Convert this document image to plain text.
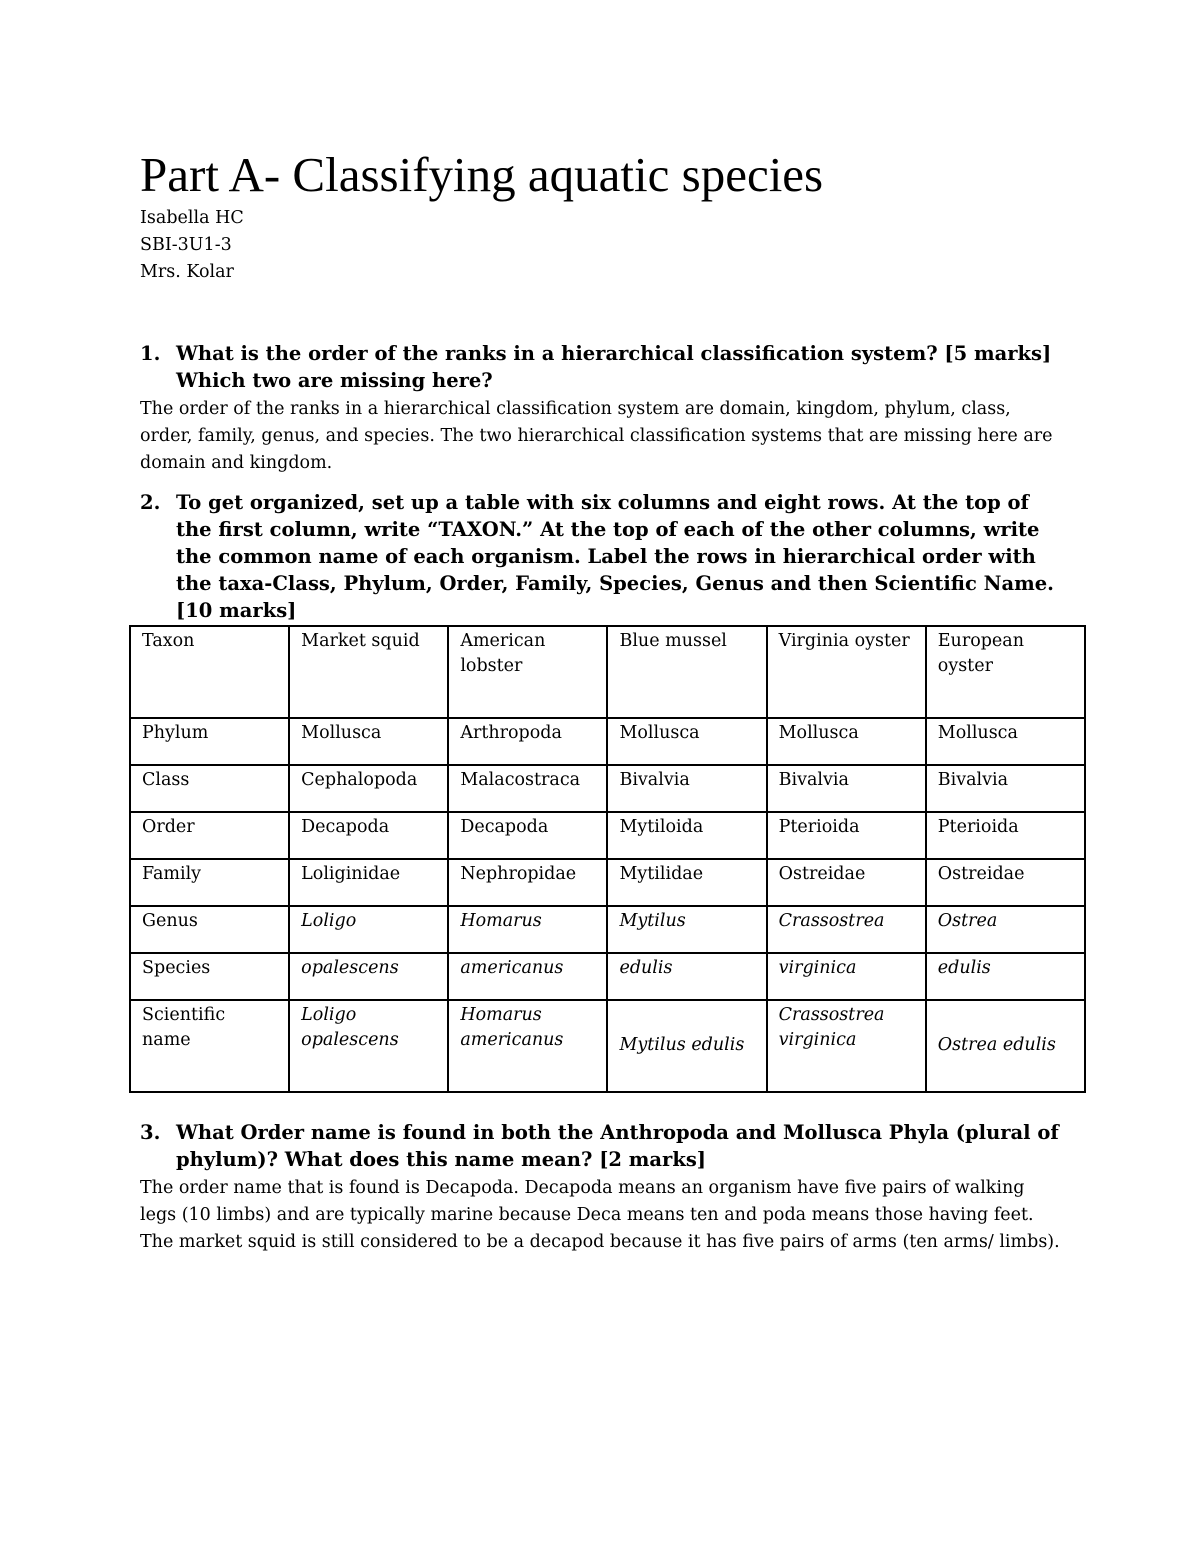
Part A- Classifying aquatic species
Isabella HC
SBI-3U1-3
Mrs. Kolar
1. What is the order of the ranks in a hierarchical classification system? [5 marks] Which two are missing here?
The order of the ranks in a hierarchical classification system are domain, kingdom, phylum, class, order, family, genus, and species. The two hierarchical classification systems that are missing here are domain and kingdom.
2. To get organized, set up a table with six columns and eight rows. At the top of the first column, write “TAXON.” At the top of each of the other columns, write the common name of each organism. Label the rows in hierarchical order with the taxa-Class, Phylum, Order, Family, Species, Genus and then Scientific Name. [10 marks]
Taxon	Market squid	American lobster	Blue mussel	Virginia oyster	European oyster
Phylum	Mollusca	Arthropoda	Mollusca	Mollusca	Mollusca
Class	Cephalopoda	Malacostraca	Bivalvia	Bivalvia	Bivalvia
Order	Decapoda	Decapoda	Mytiloida	Pterioida	Pterioida
Family	Loliginidae	Nephropidae	Mytilidae	Ostreidae	Ostreidae
Genus	Loligo	Homarus	Mytilus	Crassostrea	Ostrea
Species	opalescens	americanus	edulis	virginica	edulis
Scientific name	Loligo opalescens	Homarus americanus	Mytilus edulis	Crassostrea virginica	Ostrea edulis
3. What Order name is found in both the Anthropoda and Mollusca Phyla (plural of phylum)? What does this name mean? [2 marks]
The order name that is found is Decapoda. Decapoda means an organism have five pairs of walking legs (10 limbs) and are typically marine because Deca means ten and poda means those having feet. The market squid is still considered to be a decapod because it has five pairs of arms (ten arms/ limbs).
